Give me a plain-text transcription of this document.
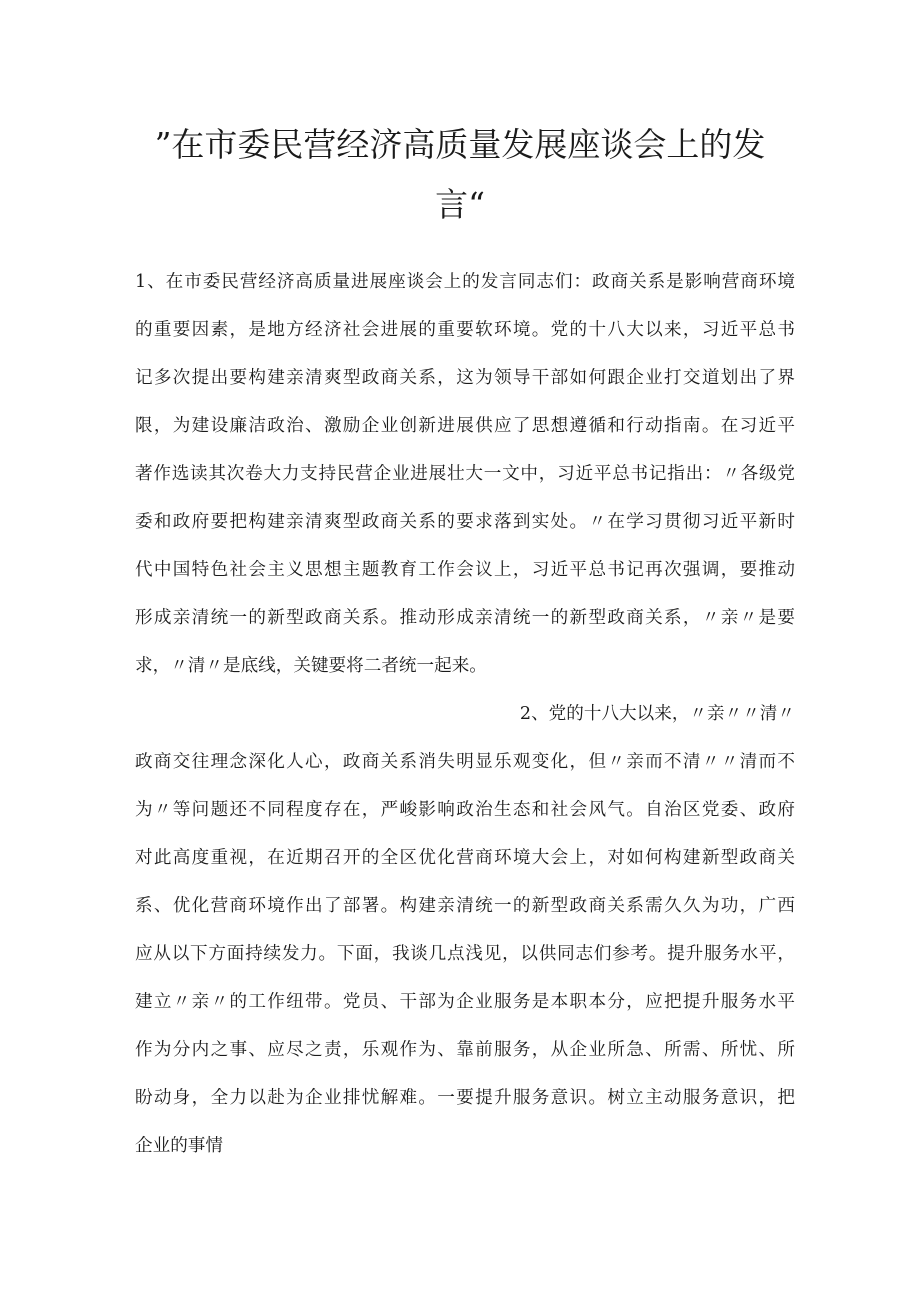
”在市委民营经济高质量发展座谈会上的发
言“
1、在市委民营经济高质量进展座谈会上的发言同志们：政商关系是影响营商环境
的重要因素，是地方经济社会进展的重要软环境。党的十八大以来，习近平总书
记多次提出要构建亲清爽型政商关系，这为领导干部如何跟企业打交道划出了界
限，为建设廉洁政治、激励企业创新进展供应了思想遵循和行动指南。在习近平
著作选读其次卷大力支持民营企业进展壮大一文中，习近平总书记指出：〃各级党
委和政府要把构建亲清爽型政商关系的要求落到实处。〃在学习贯彻习近平新时
代中国特色社会主义思想主题教育工作会议上，习近平总书记再次强调，要推动
形成亲清统一的新型政商关系。推动形成亲清统一的新型政商关系，〃亲〃是要
求，〃清〃是底线，关键要将二者统一起来。
2、党的十八大以来，〃亲〃〃清〃
政商交往理念深化人心，政商关系消失明显乐观变化，但〃亲而不清〃〃清而不
为〃等问题还不同程度存在，严峻影响政治生态和社会风气。自治区党委、政府
对此高度重视，在近期召开的全区优化营商环境大会上，对如何构建新型政商关
系、优化营商环境作出了部署。构建亲清统一的新型政商关系需久久为功，广西
应从以下方面持续发力。下面，我谈几点浅见，以供同志们参考。提升服务水平，
建立〃亲〃的工作纽带。党员、干部为企业服务是本职本分，应把提升服务水平
作为分内之事、应尽之责，乐观作为、靠前服务，从企业所急、所需、所忧、所
盼动身，全力以赴为企业排忧解难。一要提升服务意识。树立主动服务意识，把
企业的事情
